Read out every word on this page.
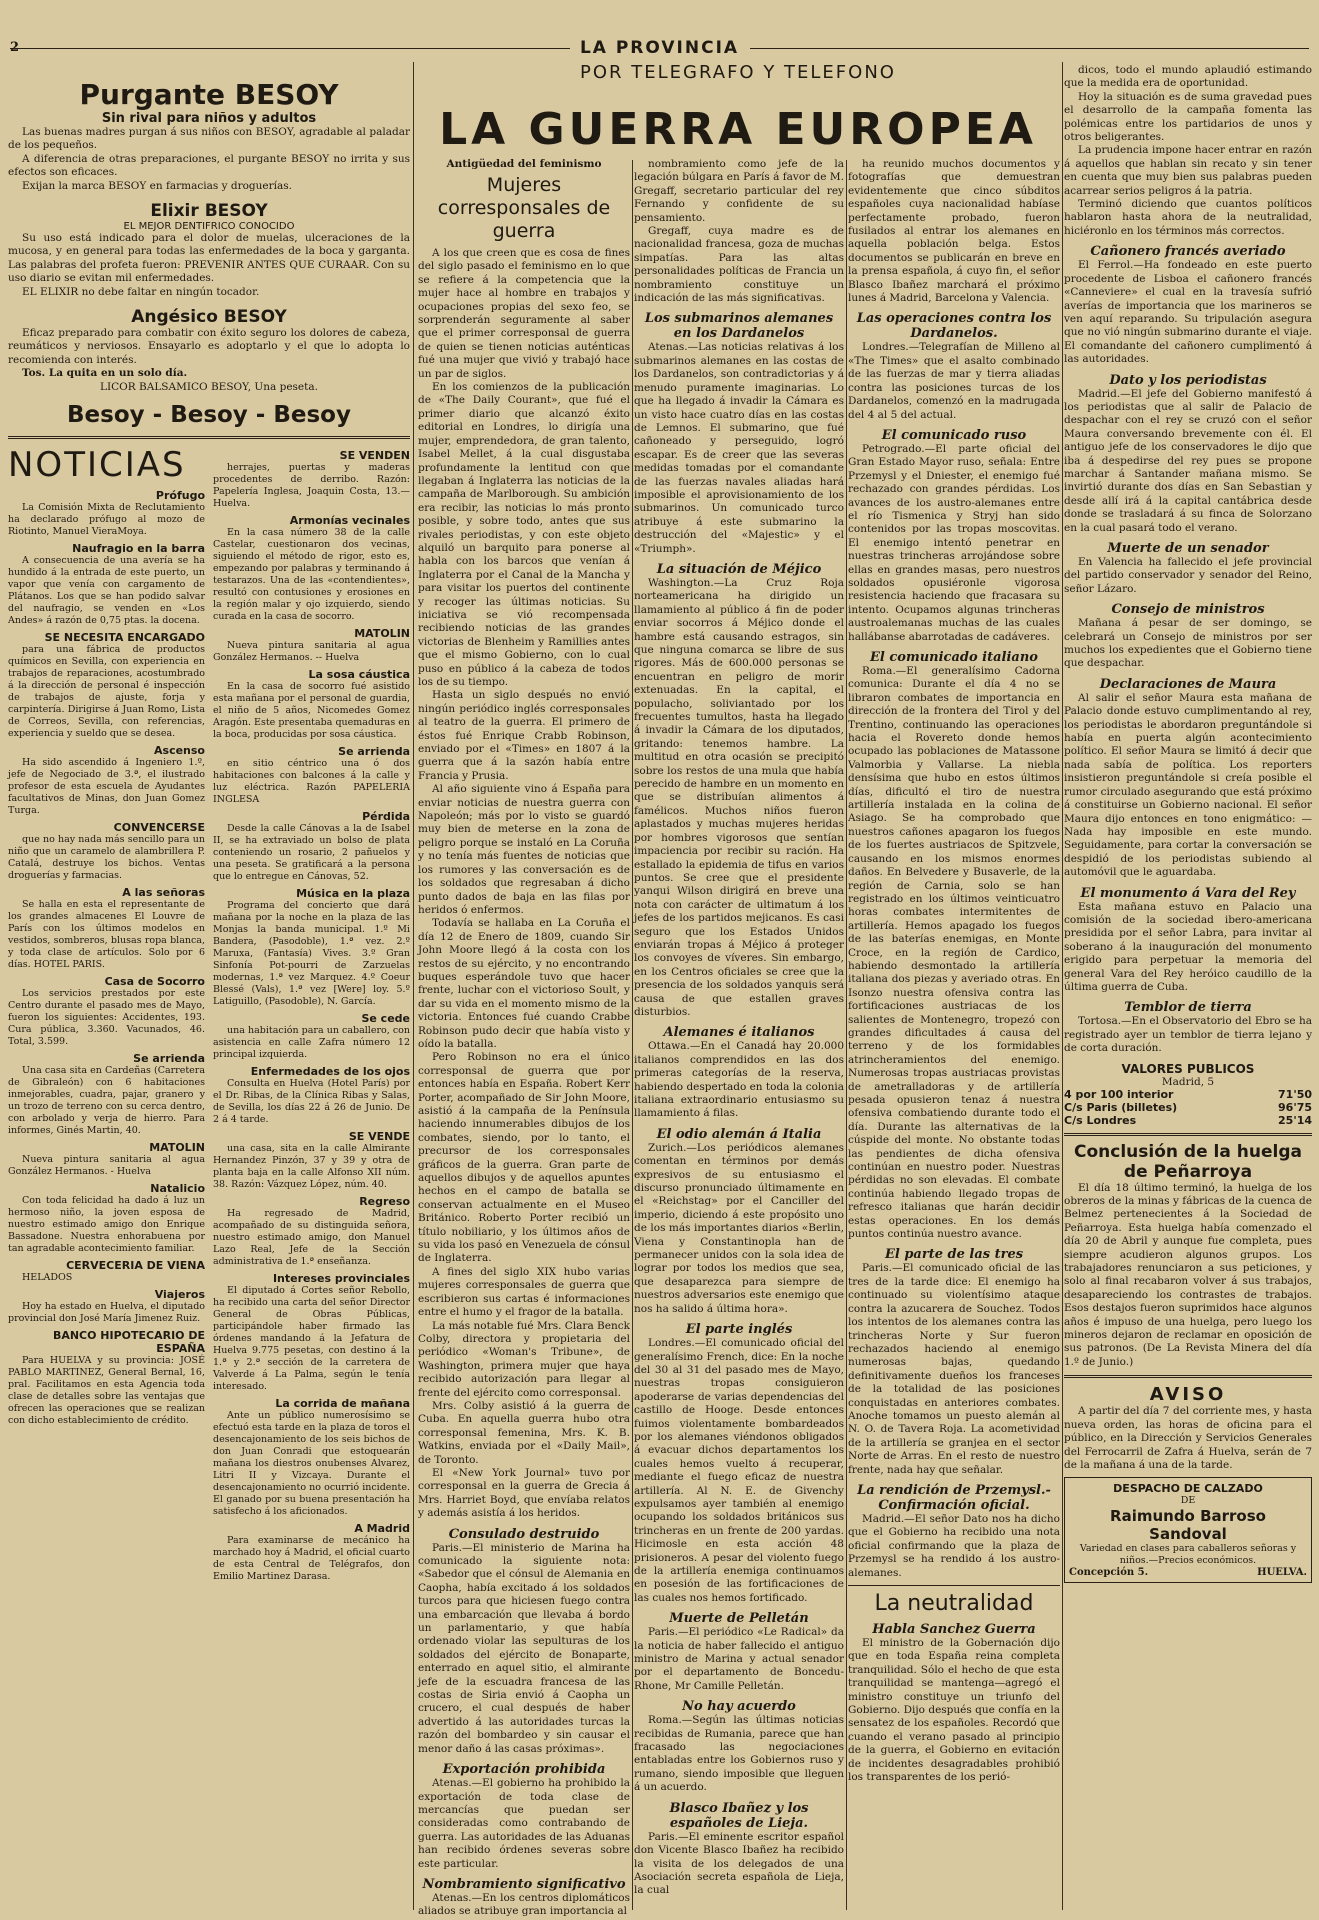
2	LA PROVINCIA
POR TELEGRAFO Y TELEFONO
LA GUERRA EUROPEA
Purgante BESOY
Sin rival para niños y adultos

Las buenas madres purgan á sus niños con BESOY, agradable al paladar de los pequeños.

A diferencia de otras preparaciones, el purgante BESOY no irrita y sus efectos son eficaces.

Exijan la marca BESOY en farmacias y droguerías.

Elixir BESOY
EL MEJOR DENTIFRICO CONOCIDO

Su uso está indicado para el dolor de muelas, ulceraciones de la mucosa, y en general para todas las enfermedades de la boca y garganta. Las palabras del profeta fueron: PREVENIR ANTES QUE CURAAR. Con su uso diario se evitan mil enfermedades.

EL ELIXIR no debe faltar en ningún tocador.

Angésico BESOY

Eficaz preparado para combatir con éxito seguro los dolores de cabeza, reumáticos y nerviosos. Ensayarlo es adoptarlo y el que lo adopta lo recomienda con interés.

Tos. La quita en un solo día.

LICOR BALSAMICO BESOY, Una peseta.

Besoy - Besoy - Besoy
NOTICIAS
Prófugo

La Comisión Mixta de Reclutamiento ha declarado prófugo al mozo de Riotinto, Manuel VieraMoya.

Naufragio en la barra

A consecuencia de una avería se ha hundido á la entrada de este puerto, un vapor que venía con cargamento de Plátanos. Los que se han podido salvar del naufragio, se venden en «Los Andes» á razón de 0,75 ptas. la docena.

SE NECESITA ENCARGADO

para una fábrica de productos químicos en Sevilla, con experiencia en trabajos de reparaciones, acostumbrado á la dirección de personal é inspección de trabajos de ajuste, forja y carpintería. Dirigirse á Juan Romo, Lista de Correos, Sevilla, con referencias, experiencia y sueldo que se desea.

Ascenso

Ha sido ascendido á Ingeniero 1.º, jefe de Negociado de 3.ª, el ilustrado profesor de esta escuela de Ayudantes facultativos de Minas, don Juan Gomez Turga.

CONVENCERSE

que no hay nada más sencillo para un niño que un caramelo de alambrillera P. Catalá, destruye los bichos. Ventas droguerías y farmacias.

A las señoras

Se halla en esta el representante de los grandes almacenes El Louvre de París con los últimos modelos en vestidos, sombreros, blusas ropa blanca, y toda clase de artículos. Solo por 6 días. HOTEL PARIS.

Casa de Socorro

Los servicios prestados por este Centro durante el pasado mes de Mayo, fueron los siguientes: Accidentes, 193. Cura pública, 3.360. Vacunados, 46. Total, 3.599.

Se arrienda

Una casa sita en Cardeñas (Carretera de Gibraleón) con 6 habitaciones inmejorables, cuadra, pajar, granero y un trozo de terreno con su cerca dentro, con arbolado y verja de hierro. Para informes, Ginés Martin, 40.

MATOLIN

Nueva pintura sanitaria al agua González Hermanos. - Huelva

Natalicio

Con toda felicidad ha dado á luz un hermoso niño, la joven esposa de nuestro estimado amigo don Enrique Bassadone. Nuestra enhorabuena por tan agradable acontecimiento familiar.

CERVECERIA DE VIENA

HELADOS

Viajeros

Hoy ha estado en Huelva, el diputado provincial don José María Jimenez Ruiz.

BANCO HIPOTECARIO DE ESPAÑA

Para HUELVA y su provincia: JOSÉ PABLO MARTINEZ, General Bernal, 16, pral. Facilitamos en esta Agencia toda clase de detalles sobre las ventajas que ofrecen las operaciones que se realizan con dicho establecimiento de crédito.

SE VENDEN

herrajes, puertas y maderas procedentes de derribo. Razón: Papelería Inglesa, Joaquin Costa, 13.—Huelva.

Armonías vecinales

En la casa número 38 de la calle Castelar, cuestionaron dos vecinas, siguiendo el método de rigor, esto es, empezando por palabras y terminando á testarazos. Una de las «contendientes», resultó con contusiones y erosiones en la región malar y ojo izquierdo, siendo curada en la casa de socorro.

MATOLIN

Nueva pintura sanitaria al agua González Hermanos. -- Huelva

La sosa cáustica

En la casa de socorro fué asistido esta mañana por el personal de guardia, el niño de 5 años, Nicomedes Gomez Aragón. Este presentaba quemaduras en la boca, producidas por sosa cáustica.

Se arrienda

en sitio céntrico una ó dos habitaciones con balcones á la calle y luz eléctrica. Razón PAPELERIA INGLESA

Pérdida

Desde la calle Cánovas a la de Isabel II, se ha extraviado un bolso de plata conteniendo un rosario, 2 pañuelos y una peseta. Se gratificará a la persona que lo entregue en Cánovas, 52.

Música en la plaza

Programa del concierto que dará mañana por la noche en la plaza de las Monjas la banda municipal. 1.º Mi Bandera, (Pasodoble), 1.ª vez. 2.º Maruxa, (Fantasía) Vives. 3.º Gran Sinfonía Pot-pourri de Zarzuelas modernas, 1.ª vez Marquez. 4.º Coeur Blessé (Vals), 1.ª vez [Were] loy. 5.º Latiguillo, (Pasodoble), N. García.

Se cede

una habitación para un caballero, con asistencia en calle Zafra número 12 principal izquierda.

Enfermedades de los ojos

Consulta en Huelva (Hotel París) por el Dr. Ribas, de la Clínica Ribas y Salas, de Sevilla, los días 22 á 26 de Junio. De 2 á 4 tarde.

SE VENDE

una casa, sita en la calle Almirante Hernandez Pinzón, 37 y 39 y otra de planta baja en la calle Alfonso XII núm. 38. Razón: Vázquez López, núm. 40.

Regreso

Ha regresado de Madrid, acompañado de su distinguida señora, nuestro estimado amigo, don Manuel Lazo Real, Jefe de la Sección administrativa de 1.ª enseñanza.

Intereses provinciales

El diputado á Cortes señor Rebollo, ha recibido una carta del señor Director General de Obras Públicas, participándole haber firmado las órdenes mandando á la Jefatura de Huelva 9.775 pesetas, con destino á la 1.ª y 2.ª sección de la carretera de Valverde á La Palma, según le tenía interesado.

La corrida de mañana

Ante un público numerosísimo se efectuó esta tarde en la plaza de toros el desencajonamiento de los seis bichos de don Juan Conradi que estoquearán mañana los diestros onubenses Alvarez, Litri II y Vizcaya. Durante el desencajonamiento no ocurrió incidente. El ganado por su buena presentación ha satisfecho á los aficionados.

A Madrid

Para examinarse de mecánico ha marchado hoy á Madrid, el oficial cuarto de esta Central de Telégrafos, don Emilio Martinez Darasa.

Antigüedad del feminismo
Mujeres corresponsales de guerra

A los que creen que es cosa de fines del siglo pasado el feminismo en lo que se refiere á la competencia que la mujer hace al hombre en trabajos y ocupaciones propias del sexo feo, se sorprenderán seguramente al saber que el primer corresponsal de guerra de quien se tienen noticias auténticas fué una mujer que vivió y trabajó hace un par de siglos.

En los comienzos de la publicación de «The Daily Courant», que fué el primer diario que alcanzó éxito editorial en Londres, lo dirigía una mujer, emprendedora, de gran talento, Isabel Mellet, á la cual disgustaba profundamente la lentitud con que llegaban á Inglaterra las noticias de la campaña de Marlborough. Su ambición era recibir, las noticias lo más pronto posible, y sobre todo, antes que sus rivales periodistas, y con este objeto alquiló un barquito para ponerse al habla con los barcos que venían á Inglaterra por el Canal de la Mancha y para visitar los puertos del continente y recoger las últimas noticias. Su iniciativa se vió recompensada recibiendo noticias de las grandes victorias de Blenheim y Ramillies antes que el mismo Gobierno, con lo cual puso en público á la cabeza de todos los de su tiempo.

Hasta un siglo después no envió ningún periódico inglés corresponsales al teatro de la guerra. El primero de éstos fué Enrique Crabb Robinson, enviado por el «Times» en 1807 á la guerra que á la sazón había entre Francia y Prusia.

Al año siguiente vino á España para enviar noticias de nuestra guerra con Napoleón; más por lo visto se guardó muy bien de meterse en la zona de peligro porque se instaló en La Coruña y no tenía más fuentes de noticias que los rumores y las conversación es de los soldados que regresaban á dicho punto dados de baja en las filas por heridos ó enfermos.

Todavía se hallaba en La Coruña el día 12 de Enero de 1809, cuando Sir John Moore llegó á la costa con los restos de su ejército, y no encontrando buques esperándole tuvo que hacer frente, luchar con el victorioso Soult, y dar su vida en el momento mismo de la victoria. Entonces fué cuando Crabbe Robinson pudo decir que había visto y oído la batalla.

Pero Robinson no era el único corresponsal de guerra que por entonces había en España. Robert Kerr Porter, acompañado de Sir John Moore, asistió á la campaña de la Península haciendo innumerables dibujos de los combates, siendo, por lo tanto, el precursor de los corresponsales gráficos de la guerra. Gran parte de aquellos dibujos y de aquellos apuntes hechos en el campo de batalla se conservan actualmente en el Museo Británico. Roberto Porter recibió un título nobiliario, y los últimos años de su vida los pasó en Venezuela de cónsul de Inglaterra.

A fines del siglo XIX hubo varias mujeres corresponsales de guerra que escribieron sus cartas é informaciones entre el humo y el fragor de la batalla.

La más notable fué Mrs. Clara Benck Colby, directora y propietaria del periódico «Woman's Tribune», de Washington, primera mujer que haya recibido autorización para llegar al frente del ejército como corresponsal.

Mrs. Colby asistió á la guerra de Cuba. En aquella guerra hubo otra corresponsal femenina, Mrs. K. B. Watkins, enviada por el «Daily Mail», de Toronto.

El «New York Journal» tuvo por corresponsal en la guerra de Grecia á Mrs. Harriet Boyd, que envíaba relatos y además asistía á los heridos.

Consulado destruido

Paris.—El ministerio de Marina ha comunicado la siguiente nota: «Sabedor que el cónsul de Alemania en Caopha, había excitado á los soldados turcos para que hiciesen fuego contra una embarcación que llevaba á bordo un parlamentario, y que había ordenado violar las sepulturas de los soldados del ejército de Bonaparte, enterrado en aquel sitio, el almirante jefe de la escuadra francesa de las costas de Siria envió á Caopha un crucero, el cual después de haber advertido á las autoridades turcas la razón del bombardeo y sin causar el menor daño á las casas próximas».

Exportación prohibida

Atenas.—El gobierno ha prohibido la exportación de toda clase de mercancías que puedan ser consideradas como contrabando de guerra. Las autoridades de las Aduanas han recibido órdenes severas sobre este particular.

Nombramiento significativo

Atenas.—En los centros diplomáticos aliados se atribuye gran importancia al

nombramiento como jefe de la legación búlgara en París á favor de M. Gregaff, secretario particular del rey Fernando y confidente de su pensamiento.

Gregaff, cuya madre es de nacionalidad francesa, goza de muchas simpatías. Para las altas personalidades políticas de Francia un nombramiento constituye un indicación de las más significativas.

Los submarinos alemanes en los Dardanelos

Atenas.—Las noticias relativas á los submarinos alemanes en las costas de los Dardanelos, son contradictorias y á menudo puramente imaginarias. Lo que ha llegado á invadir la Cámara es un visto hace cuatro días en las costas de Lemnos. El submarino, que fué cañoneado y perseguido, logró escapar. Es de creer que las severas medidas tomadas por el comandante de las fuerzas navales aliadas hará imposible el aprovisionamiento de los submarinos. Un comunicado turco atribuye á este submarino la destrucción del «Majestic» y el «Triumph».

La situación de Méjico

Washington.—La Cruz Roja norteamericana ha dirigido un llamamiento al público á fin de poder enviar socorros á Méjico donde el hambre está causando estragos, sin que ninguna comarca se libre de sus rigores. Más de 600.000 personas se encuentran en peligro de morir extenuadas. En la capital, el populacho, soliviantado por los frecuentes tumultos, hasta ha llegado á invadir la Cámara de los diputados, gritando: tenemos hambre. La multitud en otra ocasión se precipitó sobre los restos de una mula que había perecido de hambre en un momento en que se distribuían alimentos á famélicos. Muchos niños fueron aplastados y muchas mujeres heridas por hombres vigorosos que sentían impaciencia por recibir su ración. Ha estallado la epidemia de tifus en varios puntos. Se cree que el presidente yanqui Wilson dirigirá en breve una nota con carácter de ultimatum á los jefes de los partidos mejicanos. Es casi seguro que los Estados Unidos enviarán tropas á Méjico á proteger los convoyes de víveres. Sin embargo, en los Centros oficiales se cree que la presencia de los soldados yanquis será causa de que estallen graves disturbios.

Alemanes é italianos

Ottawa.—En el Canadá hay 20.000 italianos comprendidos en las dos primeras categorías de la reserva, habiendo despertado en toda la colonia italiana extraordinario entusiasmo su llamamiento á filas.

El odio alemán á Italia

Zurich.—Los periódicos alemanes comentan en términos por demás expresivos de su entusiasmo el discurso pronunciado últimamente en el «Reichstag» por el Canciller del imperio, diciendo á este propósito uno de los más importantes diarios «Berlin, Viena y Constantinopla han de permanecer unidos con la sola idea de lograr por todos los medios que sea, que desaparezca para siempre de nuestros adversarios este enemigo que nos ha salido á última hora».

El parte inglés

Londres.—El comunicado oficial del generalísimo French, dice: En la noche del 30 al 31 del pasado mes de Mayo, nuestras tropas consiguieron apoderarse de varias dependencias del castillo de Hooge. Desde entonces fuimos violentamente bombardeados por los alemanes viéndonos obligados á evacuar dichos departamentos los cuales hemos vuelto á recuperar, mediante el fuego eficaz de nuestra artillería. Al N. E. de Givenchy expulsamos ayer también al enemigo ocupando los soldados británicos sus trincheras en un frente de 200 yardas. Hicimosle en esta acción 48 prisioneros. A pesar del violento fuego de la artillería enemiga continuamos en posesión de las fortificaciones de las cuales nos hemos fortificado.

Muerte de Pelletán

Paris.—El periódico «Le Radical» da la noticia de haber fallecido el antiguo ministro de Marina y actual senador por el departamento de Boncedu-Rhone, Mr Camille Pelletán.

No hay acuerdo

Roma.—Según las últimas noticias recibidas de Rumania, parece que han fracasado las negociaciones entabladas entre los Gobiernos ruso y rumano, siendo imposible que lleguen á un acuerdo.

Blasco Ibañez y los españoles de Lieja.

Paris.—El eminente escritor español don Vicente Blasco Ibañez ha recibido la visita de los delegados de una Asociación secreta española de Lieja, la cual

ha reunido muchos documentos y fotografías que demuestran evidentemente que cinco súbditos españoles cuya nacionalidad habíase perfectamente probado, fueron fusilados al entrar los alemanes en aquella población belga. Estos documentos se publicarán en breve en la prensa española, á cuyo fin, el señor Blasco Ibañez marchará el próximo lunes á Madrid, Barcelona y Valencia.

Las operaciones contra los Dardanelos.

Londres.—Telegrafían de Milleno al «The Times» que el asalto combinado de las fuerzas de mar y tierra aliadas contra las posiciones turcas de los Dardanelos, comenzó en la madrugada del 4 al 5 del actual.

El comunicado ruso

Petrogrado.—El parte oficial del Gran Estado Mayor ruso, señala: Entre Przemysl y el Dniester, el enemigo fué rechazado con grandes pérdidas. Los avances de los austro-alemanes entre el río Tismenica y Stryj han sido contenidos por las tropas moscovitas. El enemigo intentó penetrar en nuestras trincheras arrojándose sobre ellas en grandes masas, pero nuestros soldados opusiéronle vigorosa resistencia haciendo que fracasara su intento. Ocupamos algunas trincheras austroalemanas muchas de las cuales hallábanse abarrotadas de cadáveres.

El comunicado italiano

Roma.—El generalísimo Cadorna comunica: Durante el día 4 no se libraron combates de importancia en dirección de la frontera del Tirol y del Trentino, continuando las operaciones hacia el Rovereto donde hemos ocupado las poblaciones de Matassone Valmorbia y Vallarse. La niebla densísima que hubo en estos últimos días, dificultó el tiro de nuestra artillería instalada en la colina de Asiago. Se ha comprobado que nuestros cañones apagaron los fuegos de los fuertes austriacos de Spitzvele, causando en los mismos enormes daños. En Belvedere y Busaverle, de la región de Carnia, solo se han registrado en los últimos veinticuatro horas combates intermitentes de artillería. Hemos apagado los fuegos de las baterías enemigas, en Monte Croce, en la región de Cardico, habiendo desmontado la artillería italiana dos piezas y averiado otras. En Isonzo nuestra ofensiva contra las fortificaciones austriacas de los salientes de Montenegro, tropezó con grandes dificultades á causa del terreno y de los formidables atrincheramientos del enemigo. Numerosas tropas austriacas provistas de ametralladoras y de artillería pesada opusieron tenaz á nuestra ofensiva combatiendo durante todo el día. Durante las alternativas de la cúspide del monte. No obstante todas las pendientes de dicha ofensiva continúan en nuestro poder. Nuestras pérdidas no son elevadas. El combate continúa habiendo llegado tropas de refresco italianas que harán decidir estas operaciones. En los demás puntos continúa nuestro avance.

El parte de las tres

Paris.—El comunicado oficial de las tres de la tarde dice: El enemigo ha continuado su violentísimo ataque contra la azucarera de Souchez. Todos los intentos de los alemanes contra las trincheras Norte y Sur fueron rechazados haciendo al enemigo numerosas bajas, quedando definitivamente dueños los franceses de la totalidad de las posiciones conquistadas en anteriores combates. Anoche tomamos un puesto alemán al N. O. de Tavera Roja. La acometividad de la artillería se granjea en el sector Norte de Arras. En el resto de nuestro frente, nada hay que señalar.

La rendición de Przemysl.-Confirmación oficial.

Madrid.—El señor Dato nos ha dicho que el Gobierno ha recibido una nota oficial confirmando que la plaza de Przemysl se ha rendido á los austro-alemanes.

La neutralidad
Habla Sanchez Guerra

El ministro de la Gobernación dijo que en toda España reina completa tranquilidad. Sólo el hecho de que esta tranquilidad se mantenga—agregó el ministro constituye un triunfo del Gobierno. Dijo después que confía en la sensatez de los españoles. Recordó que cuando el verano pasado al principio de la guerra, el Gobierno en evitación de incidentes desagradables prohibió los transparentes de los perió-

dicos, todo el mundo aplaudió estimando que la medida era de oportunidad.

Hoy la situación es de suma gravedad pues el desarrollo de la campaña fomenta las polémicas entre los partidarios de unos y otros beligerantes.

La prudencia impone hacer entrar en razón á aquellos que hablan sin recato y sin tener en cuenta que muy bien sus palabras pueden acarrear serios peligros á la patria.

Terminó diciendo que cuantos políticos hablaron hasta ahora de la neutralidad, hiciéronlo en los términos más correctos.

Cañonero francés averiado

El Ferrol.—Ha fondeado en este puerto procedente de Lisboa el cañonero francés «Canneviere» el cual en la travesía sufrió averías de importancia que los marineros se ven aquí reparando. Su tripulación asegura que no vió ningún submarino durante el viaje. El comandante del cañonero cumplimentó á las autoridades.

Dato y los periodistas

Madrid.—El jefe del Gobierno manifestó á los periodistas que al salir de Palacio de despachar con el rey se cruzó con el señor Maura conversando brevemente con él. El antiguo jefe de los conservadores le dijo que iba á despedirse del rey pues se propone marchar á Santander mañana mismo. Se invirtió durante dos días en San Sebastian y desde allí irá á la capital cantábrica desde donde se trasladará á su finca de Solorzano en la cual pasará todo el verano.

Muerte de un senador

En Valencia ha fallecido el jefe provincial del partido conservador y senador del Reino, señor Lázaro.

Consejo de ministros

Mañana á pesar de ser domingo, se celebrará un Consejo de ministros por ser muchos los expedientes que el Gobierno tiene que despachar.

Declaraciones de Maura

Al salir el señor Maura esta mañana de Palacio donde estuvo cumplimentando al rey, los periodistas le abordaron preguntándole si había en puerta algún acontecimiento político. El señor Maura se limitó á decir que nada sabía de política. Los reporters insistieron preguntándole si creía posible el rumor circulado asegurando que está próximo á constituirse un Gobierno nacional. El señor Maura dijo entonces en tono enigmático: —Nada hay imposible en este mundo. Seguidamente, para cortar la conversación se despidió de los periodistas subiendo al automóvil que le aguardaba.

El monumento á Vara del Rey

Esta mañana estuvo en Palacio una comisión de la sociedad ibero-americana presidida por el señor Labra, para invitar al soberano á la inauguración del monumento erigido para perpetuar la memoria del general Vara del Rey heróico caudillo de la última guerra de Cuba.

Temblor de tierra

Tortosa.—En el Observatorio del Ebro se ha registrado ayer un temblor de tierra lejano y de corta duración.

VALORES PUBLICOS
Madrid, 5
4 por 100 interior	71'50
C/s Paris (billetes)	96'75
C/s Londres	25'14
Conclusión de la huelga de Peñarroya

El día 18 último terminó, la huelga de los obreros de la minas y fábricas de la cuenca de Belmez pertenecientes á la Sociedad de Peñarroya. Esta huelga había comenzado el día 20 de Abril y aunque fue completa, pues siempre acudieron algunos grupos. Los trabajadores renunciaron a sus peticiones, y solo al final recabaron volver á sus trabajos, desapareciendo los contrastes de trabajos. Esos destajos fueron suprimidos hace algunos años é impuso de una huelga, pero luego los mineros dejaron de reclamar en oposición de sus patronos. (De La Revista Minera del día 1.º de Junio.)

AVISO

A partir del día 7 del corriente mes, y hasta nueva orden, las horas de oficina para el público, en la Dirección y Servicios Generales del Ferrocarril de Zafra á Huelva, serán de 7 de la mañana á una de la tarde.

DESPACHO DE CALZADO
DE
Raimundo Barroso Sandoval
Variedad en clases para caballeros señoras y niños.—Precios económicos.
Concepción 5.	HUELVA.
